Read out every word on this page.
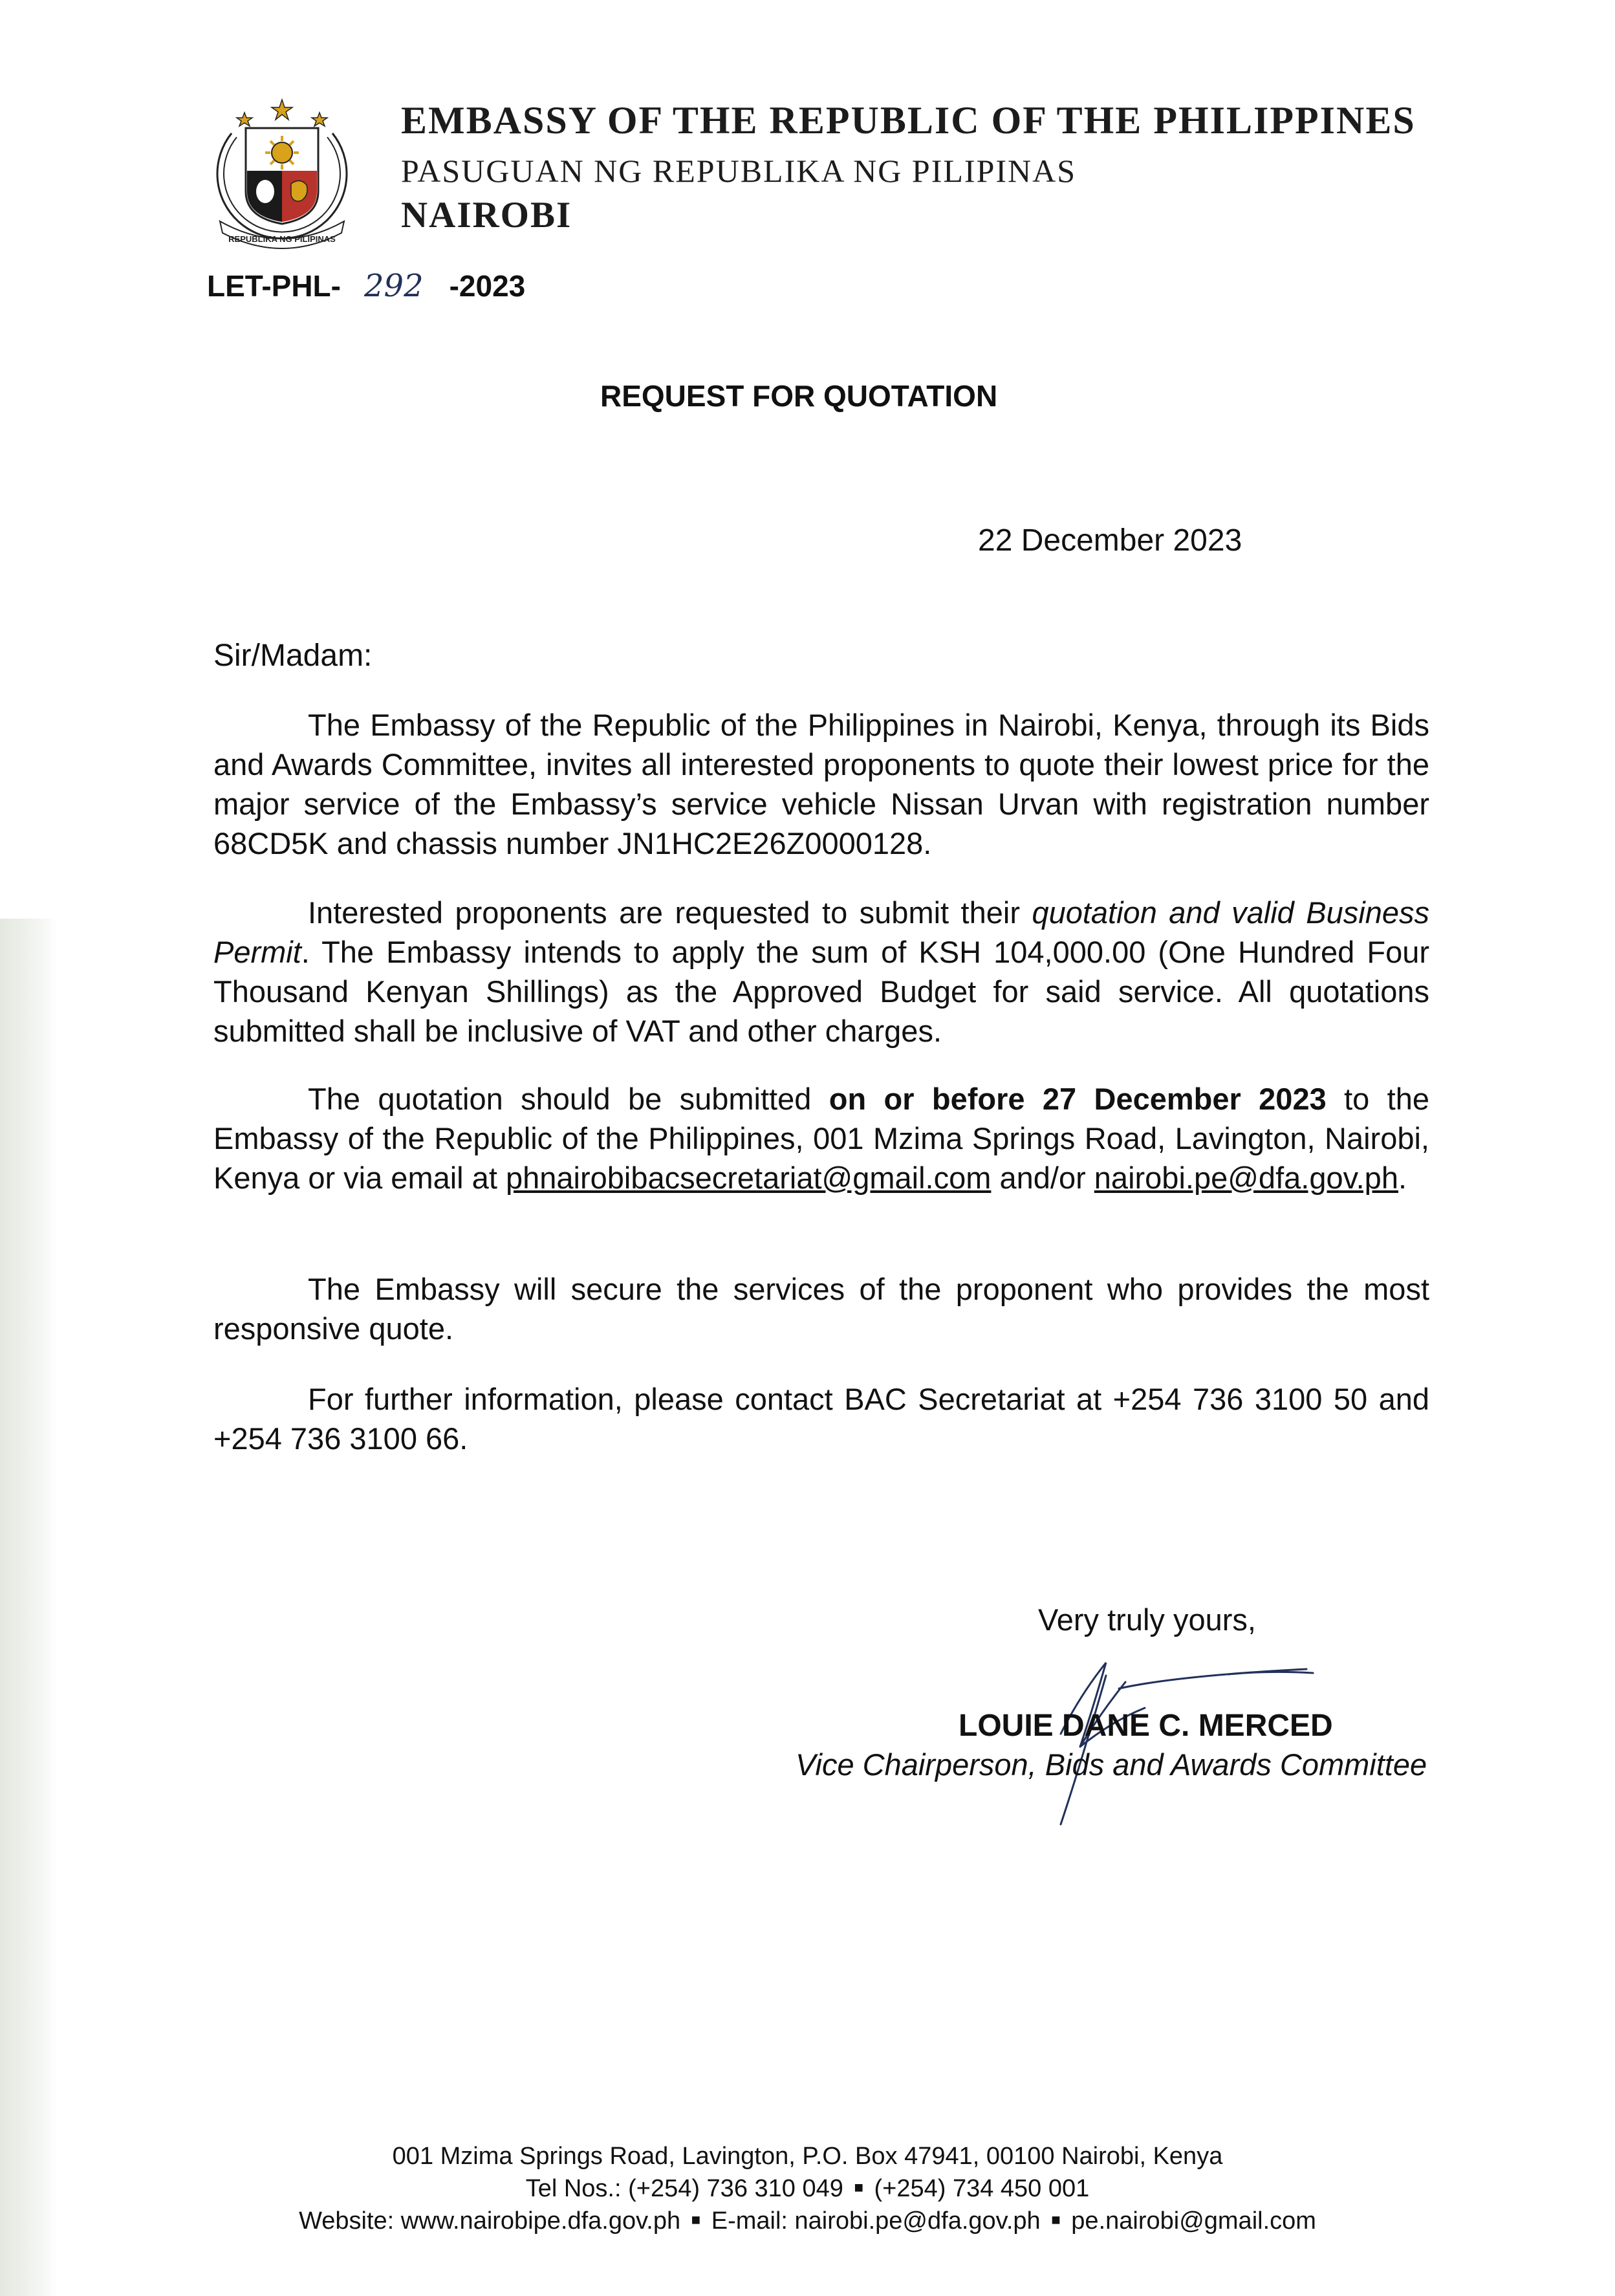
REPUBLIKA NG PILIPINAS
EMBASSY OF THE REPUBLIC OF THE PHILIPPINES
PASUGUAN NG REPUBLIKA NG PILIPINAS
NAIROBI
LET-PHL- 292 -2023
REQUEST FOR QUOTATION
22 December 2023
Sir/Madam:
The Embassy of the Republic of the Philippines in Nairobi, Kenya, through its Bids and Awards Committee, invites all interested proponents to quote their lowest price for the major service of the Embassy’s service vehicle Nissan Urvan with registration number 68CD5K and chassis number JN1HC2E26Z0000128.
Interested proponents are requested to submit their quotation and valid Business Permit. The Embassy intends to apply the sum of KSH 104,000.00 (One Hundred Four Thousand Kenyan Shillings) as the Approved Budget for said service. All quotations submitted shall be inclusive of VAT and other charges.
The quotation should be submitted on or before 27 December 2023 to the Embassy of the Republic of the Philippines, 001 Mzima Springs Road, Lavington, Nairobi, Kenya or via email at phnairobibacsecretariat@gmail.com and/or nairobi.pe@dfa.gov.ph.
The Embassy will secure the services of the proponent who provides the most responsive quote.
For further information, please contact BAC Secretariat at +254 736 3100 50 and +254 736 3100 66.
Very truly yours,
LOUIE DANE C. MERCED
Vice Chairperson, Bids and Awards Committee
001 Mzima Springs Road, Lavington, P.O. Box 47941, 00100 Nairobi, Kenya
Tel Nos.: (+254) 736 310 049 ■ (+254) 734 450 001
Website: www.nairobipe.dfa.gov.ph ■ E-mail: nairobi.pe@dfa.gov.ph ■ pe.nairobi@gmail.com
